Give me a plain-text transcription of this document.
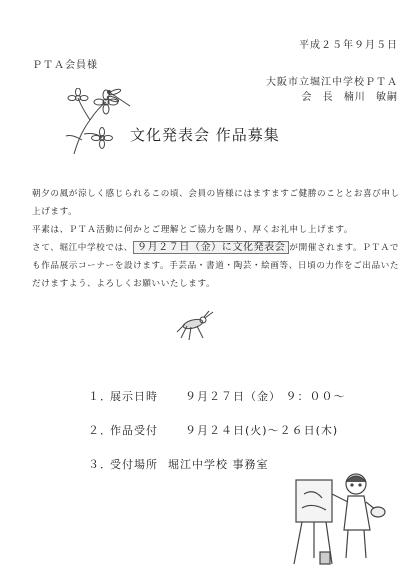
平成２５年９月５日
ＰＴＡ会員様
大阪市立堀江中学校ＰＴＡ
会 長 楠川 敏嗣
文化発表会 作品募集

朝夕の風が涼しく感じられるこの頃、会員の皆様にはますますご健勝のこととお喜び申し上げます。

平素は、ＰＴＡ活動に何かとご理解とご協力を賜り、厚くお礼申し上げます。

さて、堀江中学校では、 ９月２７日（金）に文化発表会 が開催されます。ＰＴＡでも作品展示コーナーを設けます。手芸品・書道・陶芸・絵画等、日頃の力作をご出品いただけますよう、よろしくお願いいたします。

１．
展示日時	９月２７日（金） ９：００～
２．
作品受付	９月２４日(火)～２６日(木)
３．
受付場所 堀江中学校 事務室
